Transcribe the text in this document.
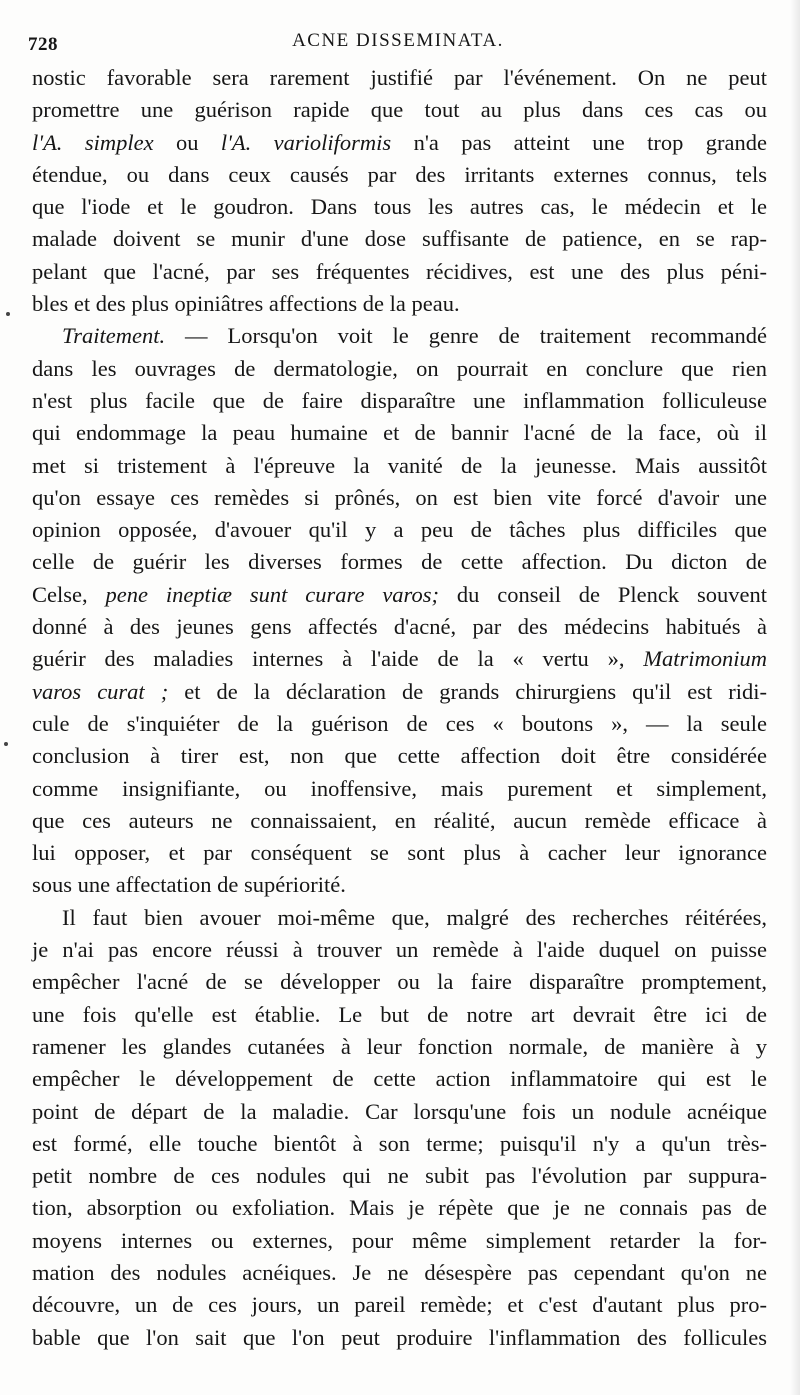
728	ACNE DISSEMINATA.
nostic favorable sera rarement justifié par l'événement. On ne peut
promettre une guérison rapide que tout au plus dans ces cas ou
l'A. simplex ou l'A. varioliformis n'a pas atteint une trop grande
étendue, ou dans ceux causés par des irritants externes connus, tels
que l'iode et le goudron. Dans tous les autres cas, le médecin et le
malade doivent se munir d'une dose suffisante de patience, en se rap-
pelant que l'acné, par ses fréquentes récidives, est une des plus péni-
bles et des plus opiniâtres affections de la peau.
Traitement. — Lorsqu'on voit le genre de traitement recommandé
dans les ouvrages de dermatologie, on pourrait en conclure que rien
n'est plus facile que de faire disparaître une inflammation folliculeuse
qui endommage la peau humaine et de bannir l'acné de la face, où il
met si tristement à l'épreuve la vanité de la jeunesse. Mais aussitôt
qu'on essaye ces remèdes si prônés, on est bien vite forcé d'avoir une
opinion opposée, d'avouer qu'il y a peu de tâches plus difficiles que
celle de guérir les diverses formes de cette affection. Du dicton de
Celse, pene ineptiæ sunt curare varos; du conseil de Plenck souvent
donné à des jeunes gens affectés d'acné, par des médecins habitués à
guérir des maladies internes à l'aide de la « vertu », Matrimonium
varos curat ; et de la déclaration de grands chirurgiens qu'il est ridi-
cule de s'inquiéter de la guérison de ces « boutons », — la seule
conclusion à tirer est, non que cette affection doit être considérée
comme insignifiante, ou inoffensive, mais purement et simplement,
que ces auteurs ne connaissaient, en réalité, aucun remède efficace à
lui opposer, et par conséquent se sont plus à cacher leur ignorance
sous une affectation de supériorité.
Il faut bien avouer moi-même que, malgré des recherches réitérées,
je n'ai pas encore réussi à trouver un remède à l'aide duquel on puisse
empêcher l'acné de se développer ou la faire disparaître promptement,
une fois qu'elle est établie. Le but de notre art devrait être ici de
ramener les glandes cutanées à leur fonction normale, de manière à y
empêcher le développement de cette action inflammatoire qui est le
point de départ de la maladie. Car lorsqu'une fois un nodule acnéique
est formé, elle touche bientôt à son terme; puisqu'il n'y a qu'un très-
petit nombre de ces nodules qui ne subit pas l'évolution par suppura-
tion, absorption ou exfoliation. Mais je répète que je ne connais pas de
moyens internes ou externes, pour même simplement retarder la for-
mation des nodules acnéiques. Je ne désespère pas cependant qu'on ne
découvre, un de ces jours, un pareil remède; et c'est d'autant plus pro-
bable que l'on sait que l'on peut produire l'inflammation des follicules
